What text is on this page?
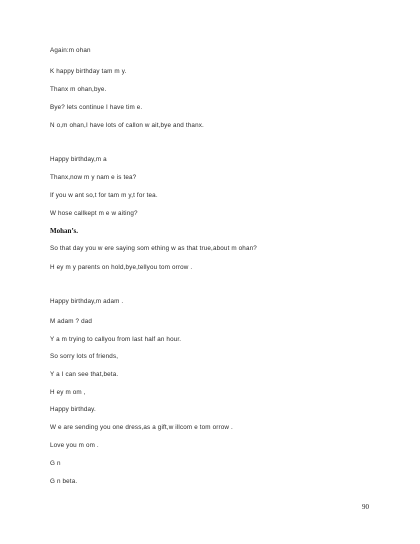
Again:m ohan
K happy birthday tam m y.
Thanx m ohan,bye.
Bye? lets continue I have tim e.
N o,m ohan,I have lots of callon w ait,bye and thanx.
Happy birthday,m a
Thanx,now m y nam e is tea?
If you w ant so,t for tam m y,t for tea.
W hose callkept m e w aiting?
Mohan’s.
So that day you w ere saying som ething w as that true,about m ohan?
H ey m y parents on hold,bye,tellyou tom orrow .
Happy birthday,m adam .
M adam ? dad
Y a m trying to callyou from last half an hour.
So sorry lots of friends,
Y a I can see that,beta.
H ey m om ,
Happy birthday.
W e are sending you one dress,as a gift,w illcom e tom orrow .
Love you m om .
G n
G n beta.
90
